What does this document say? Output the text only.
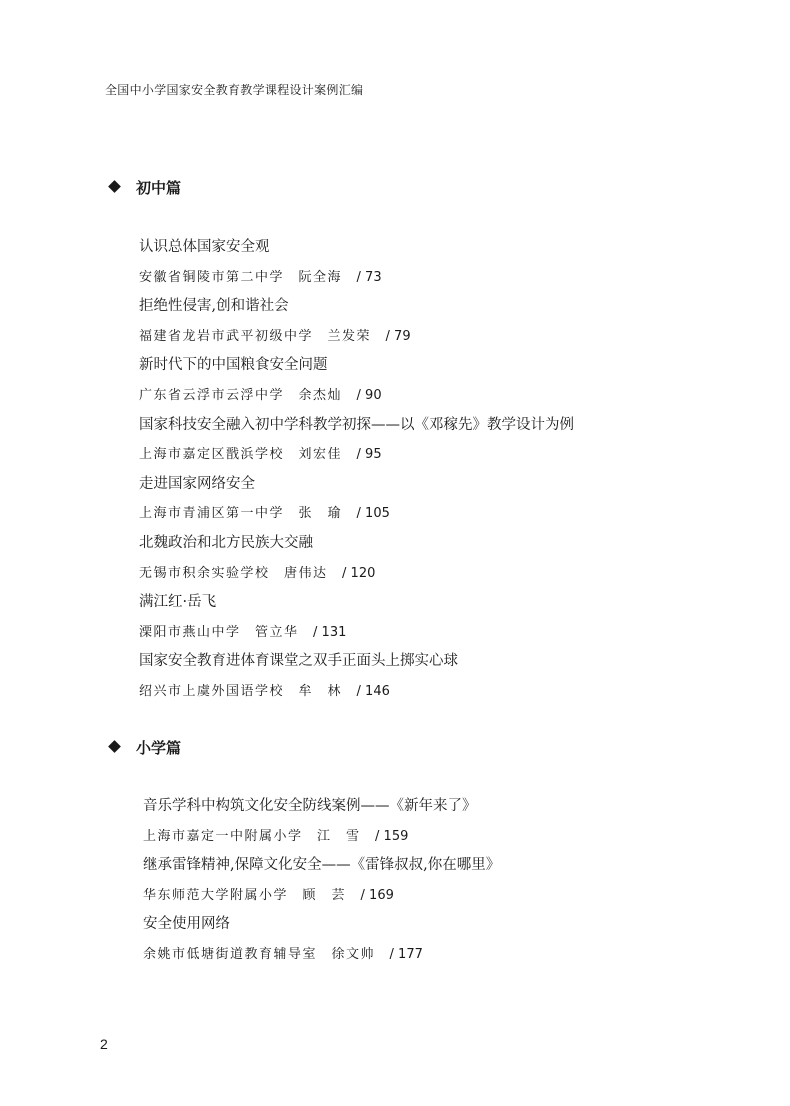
全国中小学国家安全教育教学课程设计案例汇编
初中篇
认识总体国家安全观
安徽省铜陵市第二中学　阮全海　 / 73
拒绝性侵害,创和谐社会
福建省龙岩市武平初级中学　兰发荣　 / 79
新时代下的中国粮食安全问题
广东省云浮市云浮中学　余杰灿　 / 90
国家科技安全融入初中学科教学初探——以《邓稼先》教学设计为例
上海市嘉定区戬浜学校　刘宏佳　 / 95
走进国家网络安全
上海市青浦区第一中学　张　瑜　 / 105
北魏政治和北方民族大交融
无锡市积余实验学校　唐伟达　 / 120
满江红·岳飞
溧阳市燕山中学　管立华　 / 131
国家安全教育进体育课堂之双手正面头上掷实心球
绍兴市上虞外国语学校　牟　林　 / 146
小学篇
音乐学科中构筑文化安全防线案例——《新年来了》
上海市嘉定一中附属小学　江　雪　 / 159
继承雷锋精神,保障文化安全——《雷锋叔叔,你在哪里》
华东师范大学附属小学　顾　芸　 / 169
安全使用网络
余姚市低塘街道教育辅导室　徐文帅　 / 177
2
